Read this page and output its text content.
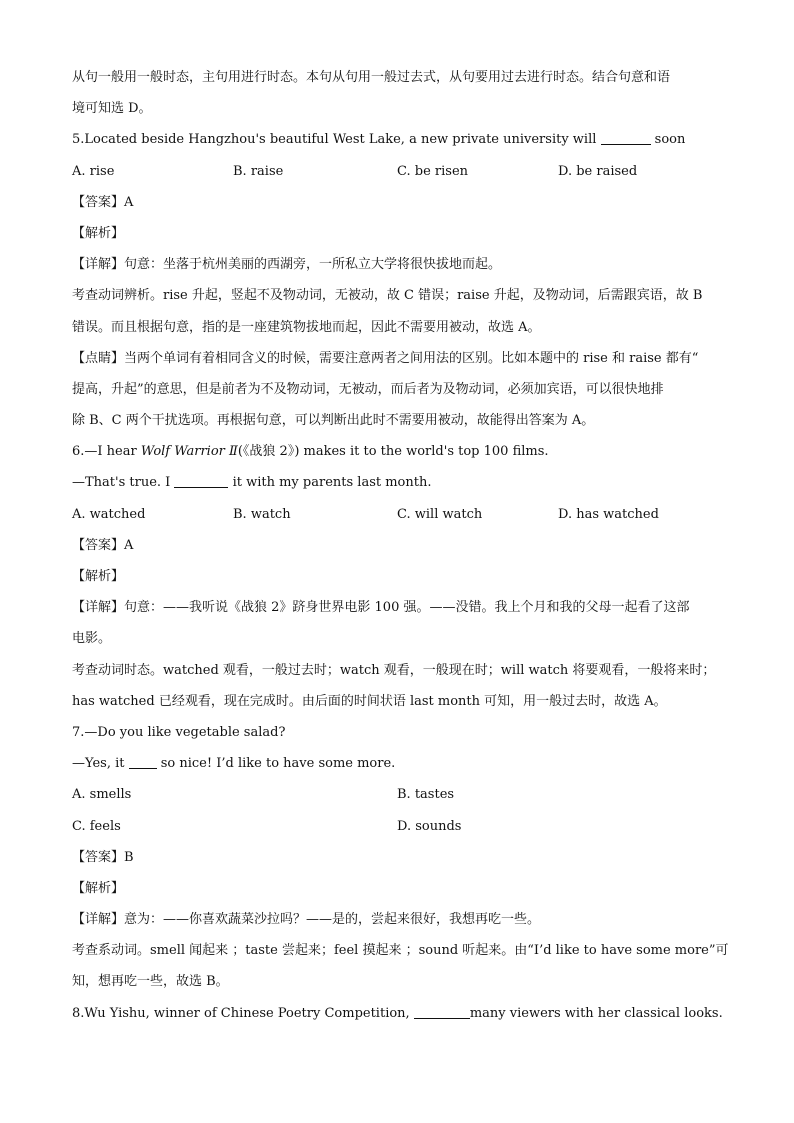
从句一般用一般时态，主句用进行时态。本句从句用一般过去式，从句要用过去进行时态。结合句意和语
境可知选 D。
5.Located beside Hangzhou's beautiful West Lake, a new private university will	soon
A. rise	B. raise	C. be risen	D. be raised
【答案】A
【解析】
【详解】句意：坐落于杭州美丽的西湖旁，一所私立大学将很快拔地而起。
考查动词辨析。rise 升起，竖起不及物动词，无被动，故 C 错误；raise 升起，及物动词，后需跟宾语，故 B
错误。而且根据句意，指的是一座建筑物拔地而起，因此不需要用被动，故选 A。
【点睛】当两个单词有着相同含义的时候，需要注意两者之间用法的区别。比如本题中的 rise 和 raise 都有“
提高，升起”的意思，但是前者为不及物动词，无被动，而后者为及物动词，必须加宾语，可以很快地排
除 B、C 两个干扰选项。再根据句意，可以判断出此时不需要用被动，故能得出答案为 A。
6.—I hear Wolf Warrior Ⅱ(《战狼 2》) makes it to the world's top 100 films.
—That's true. I	it with my parents last month.
A. watched	B. watch	C. will watch	D. has watched
【答案】A
【解析】
【详解】句意：——我听说《战狼 2》跻身世界电影 100 强。——没错。我上个月和我的父母一起看了这部
电影。
考查动词时态。watched 观看，一般过去时；watch 观看，一般现在时；will watch 将要观看，一般将来时；
has watched 已经观看，现在完成时。由后面的时间状语 last month 可知，用一般过去时，故选 A。
7.—Do you like vegetable salad?
—Yes, it  so nice! I’d like to have some more.
A. smells	B. tastes
C. feels	D. sounds
【答案】B
【解析】
【详解】意为：——你喜欢蔬菜沙拉吗？——是的，尝起来很好，我想再吃一些。
考查系动词。smell 闻起来 ；taste 尝起来；feel 摸起来 ；sound 听起来。由“I’d like to have some more”可
知，想再吃一些，故选 B。
8.Wu Yishu, winner of Chinese Poetry Competition,	many viewers with her classical looks.
